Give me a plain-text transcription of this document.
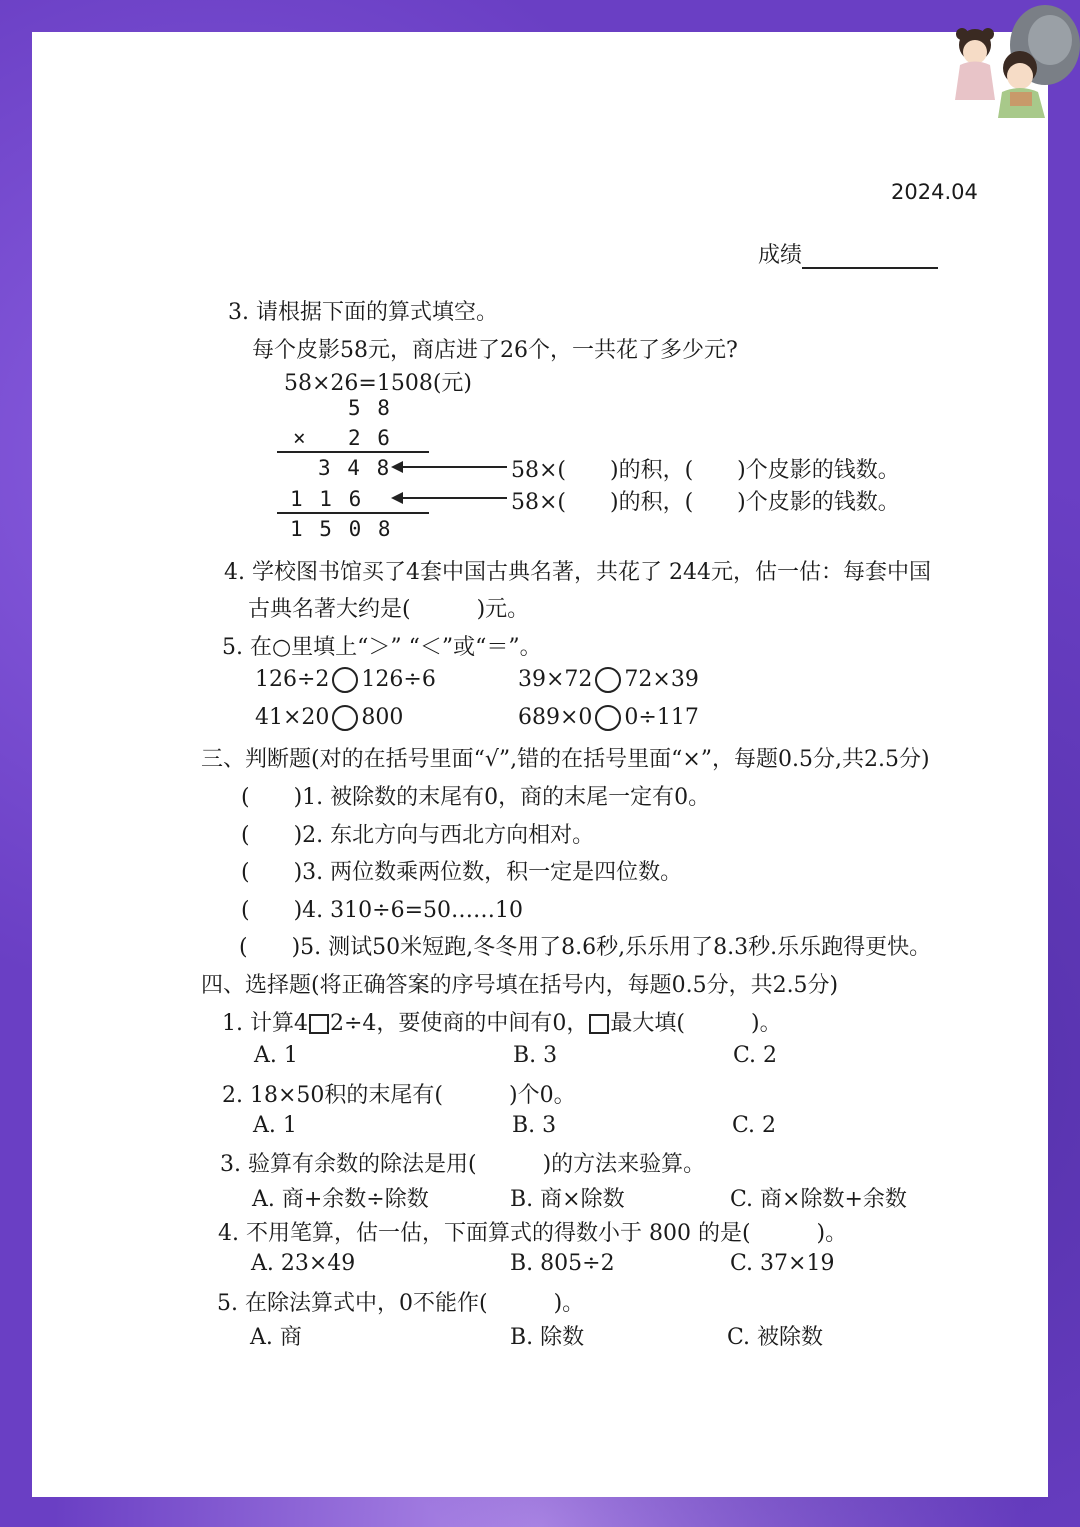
2024.04
成绩
3. 请根据下面的算式填空。
每个皮影58元，商店进了26个，一共花了多少元?
58×26=1508(元)
5 8
× 2 6
3 4 8
1 1 6
1 5 0 8
58×(　　)的积，(　　)个皮影的钱数。
58×(　　)的积，(　　)个皮影的钱数。
4. 学校图书馆买了4套中国古典名著，共花了 244元，估一估：每套中国
古典名著大约是(　　　)元。
5. 在○里填上“＞” “＜”或“＝”。
126÷2 126÷6	39×72 72×39
41×20 800	689×0 0÷117
三、判断题(对的在括号里面“√”,错的在括号里面“×”，每题0.5分,共2.5分)
(　　)1. 被除数的末尾有0，商的末尾一定有0。
(　　)2. 东北方向与西北方向相对。
(　　)3. 两位数乘两位数，积一定是四位数。
(　　)4. 310÷6=50……10
(　　)5. 测试50米短跑,冬冬用了8.6秒,乐乐用了8.3秒.乐乐跑得更快。
四、选择题(将正确答案的序号填在括号内，每题0.5分，共2.5分)
1. 计算4 2÷4，要使商的中间有0， 最大填(　　　)。
A. 1	B. 3	C. 2
2. 18×50积的末尾有(　　　)个0。
A. 1	B. 3	C. 2
3. 验算有余数的除法是用(　　　)的方法来验算。
A. 商+余数÷除数	B. 商×除数	C. 商×除数+余数
4. 不用笔算，估一估，下面算式的得数小于 800 的是(　　　)。
A. 23×49	B. 805÷2	C. 37×19
5. 在除法算式中，0不能作(　　　)。
A. 商	B. 除数	C. 被除数
